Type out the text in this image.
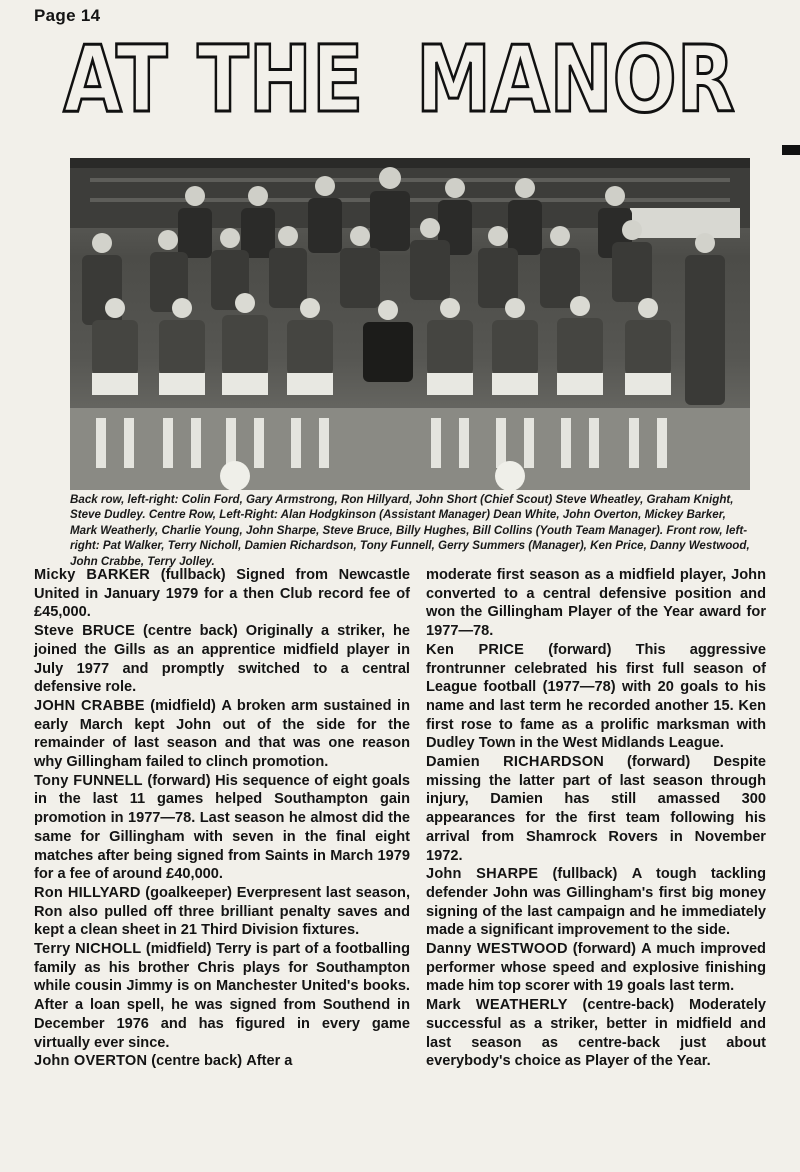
Page 14
AT THE MANOR
Back row, left-right: Colin Ford, Gary Armstrong, Ron Hillyard, John Short (Chief Scout) Steve Wheatley, Graham Knight, Steve Dudley. Centre Row, Left-Right: Alan Hodgkinson (Assistant Manager) Dean White, John Overton, Mickey Barker, Mark Weatherly, Charlie Young, John Sharpe, Steve Bruce, Billy Hughes, Bill Collins (Youth Team Manager). Front row, left-right: Pat Walker, Terry Nicholl, Damien Richardson, Tony Funnell, Gerry Summers (Manager), Ken Price, Danny Westwood, John Crabbe, Terry Jolley.

Micky BARKER (fullback) Signed from Newcastle United in January 1979 for a then Club record fee of £45,000.

Steve BRUCE (centre back) Originally a striker, he joined the Gills as an apprentice midfield player in July 1977 and promptly switched to a central defensive role.

JOHN CRABBE (midfield) A broken arm sustained in early March kept John out of the side for the remainder of last season and that was one reason why Gillingham failed to clinch promotion.

Tony FUNNELL (forward) His sequence of eight goals in the last 11 games helped Southampton gain promotion in 1977—78. Last season he almost did the same for Gillingham with seven in the final eight matches after being signed from Saints in March 1979 for a fee of around £40,000.

Ron HILLYARD (goalkeeper) Everpresent last season, Ron also pulled off three brilliant penalty saves and kept a clean sheet in 21 Third Division fixtures.

Terry NICHOLL (midfield) Terry is part of a footballing family as his brother Chris plays for Southampton while cousin Jimmy is on Manchester United's books. After a loan spell, he was signed from Southend in December 1976 and has figured in every game virtually ever since.

John OVERTON (centre back) After a

moderate first season as a midfield player, John converted to a central defensive position and won the Gillingham Player of the Year award for 1977—78.

Ken PRICE (forward) This aggressive frontrunner celebrated his first full season of League football (1977—78) with 20 goals to his name and last term he recorded another 15. Ken first rose to fame as a prolific marksman with Dudley Town in the West Midlands League.

Damien RICHARDSON (forward) Despite missing the latter part of last season through injury, Damien has still amassed 300 appearances for the first team following his arrival from Shamrock Rovers in November 1972.

John SHARPE (fullback) A tough tackling defender John was Gillingham's first big money signing of the last campaign and he immediately made a significant improvement to the side.

Danny WESTWOOD (forward) A much improved performer whose speed and explosive finishing made him top scorer with 19 goals last term.

Mark WEATHERLY (centre-back) Moderately successful as a striker, better in midfield and last season as centre-back just about everybody's choice as Player of the Year.
